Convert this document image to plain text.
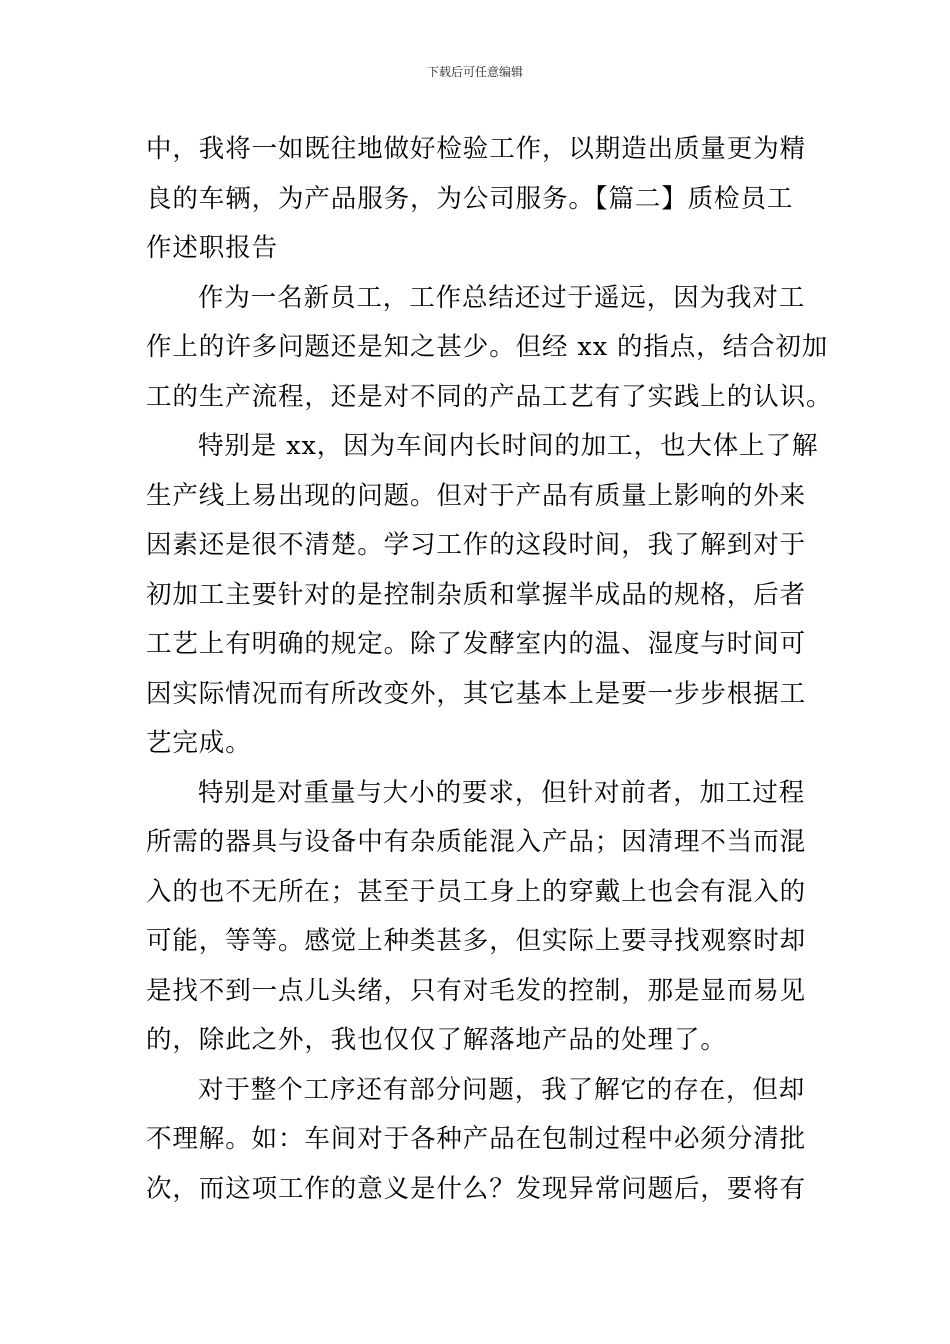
下载后可任意编辑

中，我将一如既往地做好检验工作，以期造出质量更为精
良的车辆，为产品服务，为公司服务。【篇二】质检员工
作述职报告

作为一名新员工，工作总结还过于遥远，因为我对工
作上的许多问题还是知之甚少。但经 xx 的指点，结合初加
工的生产流程，还是对不同的产品工艺有了实践上的认识。

特别是 xx，因为车间内长时间的加工，也大体上了解
生产线上易出现的问题。但对于产品有质量上影响的外来
因素还是很不清楚。学习工作的这段时间，我了解到对于
初加工主要针对的是控制杂质和掌握半成品的规格，后者
工艺上有明确的规定。除了发酵室内的温、湿度与时间可
因实际情况而有所改变外，其它基本上是要一步步根据工
艺完成。

特别是对重量与大小的要求，但针对前者，加工过程
所需的器具与设备中有杂质能混入产品；因清理不当而混
入的也不无所在；甚至于员工身上的穿戴上也会有混入的
可能，等等。感觉上种类甚多，但实际上要寻找观察时却
是找不到一点儿头绪，只有对毛发的控制，那是显而易见
的，除此之外，我也仅仅了解落地产品的处理了。

对于整个工序还有部分问题，我了解它的存在，但却
不理解。如：车间对于各种产品在包制过程中必须分清批
次，而这项工作的意义是什么？发现异常问题后，要将有
